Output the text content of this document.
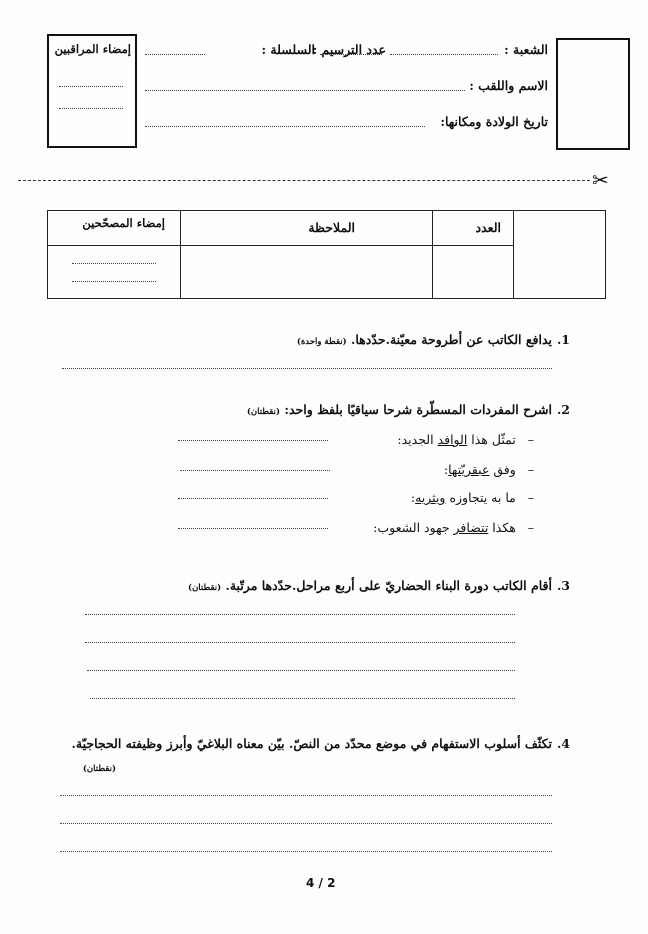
إمضاء المراقبين	الشعبة :
عدد الترسيم :
السلسلة :
الاسم واللقب :
تاريخ الولادة ومكانها:
✂
العدد
الملاحظة
إمضاء المصحّحين
1.
يدافع الكاتب عن أطروحة معيّنة.حدّدها. (نقطة واحدة)
2.
اشرح المفردات المسطّرة شرحا سياقيًا بلفظ واحد: (نقطتان)
–   تمثّل هذا الوافد الجديد:
–   وفق عبقريّتها:
–   ما به يتجاوزه ويثريه:
–   هكذا تتضافر جهود الشعوب:
3.
أقام الكاتب دورة البناء الحضاريّ على أربع مراحل.حدّدها مرتّبة. (نقطتان)
4.
تكثّف أسلوب الاستفهام في موضع محدّد من النصّ. بيّن معناه البلاغيّ وأبرز وظيفته الحجاجيّة.
(نقطتان)
4 / 2
